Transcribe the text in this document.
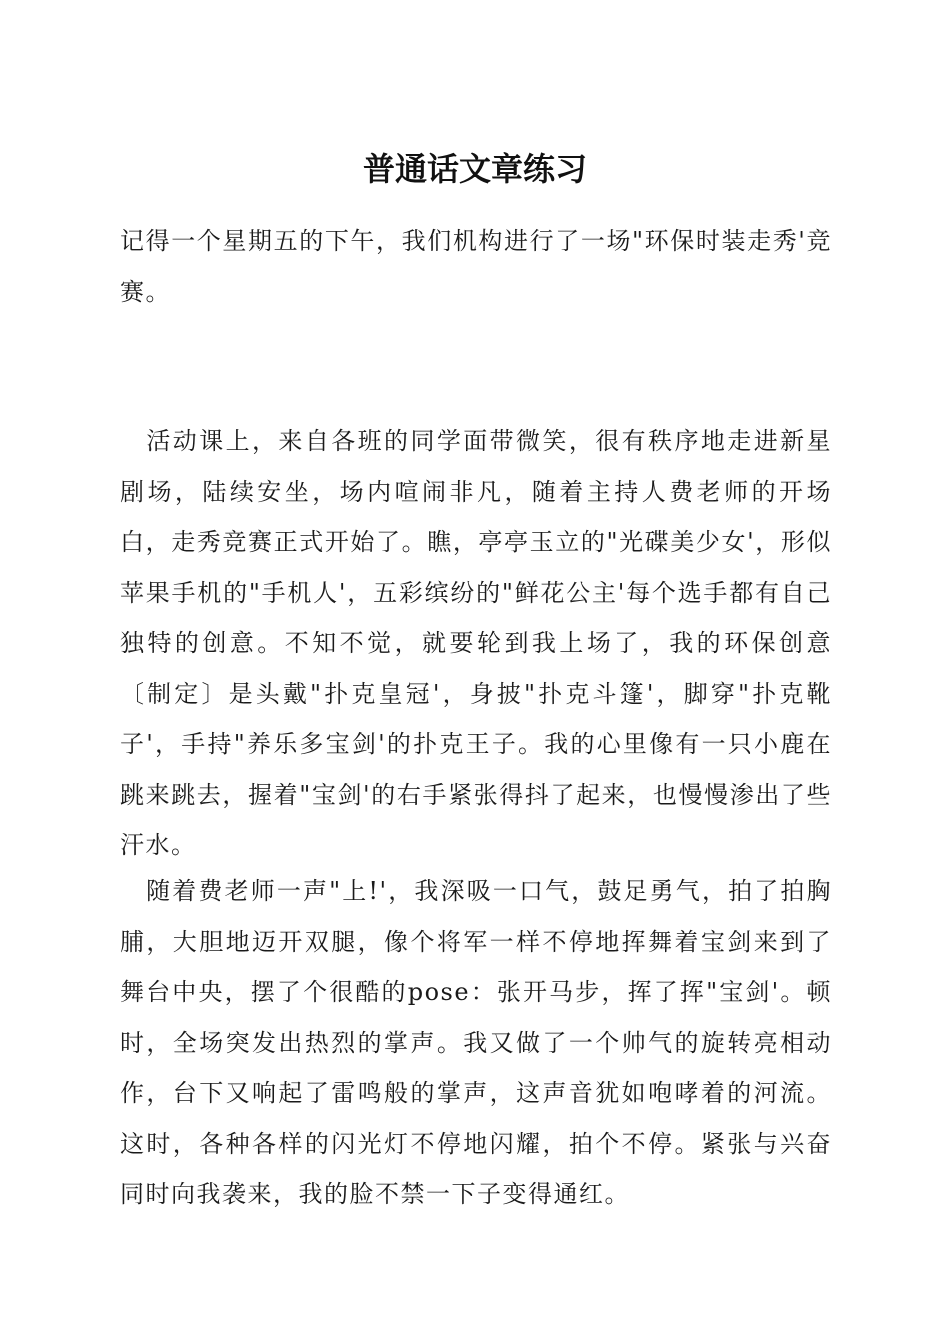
普通话文章练习

记得一个星期五的下午，我们机构进行了一场"环保时装走秀'竞赛。

　活动课上，来自各班的同学面带微笑，很有秩序地走进新星剧场，陆续安坐，场内喧闹非凡，随着主持人费老师的开场白，走秀竞赛正式开始了。瞧，亭亭玉立的"光碟美少女'，形似苹果手机的"手机人'，五彩缤纷的"鲜花公主'每个选手都有自己独特的创意。不知不觉，就要轮到我上场了，我的环保创意〔制定〕是头戴"扑克皇冠'，身披"扑克斗篷'，脚穿"扑克靴子'，手持"养乐多宝剑'的扑克王子。我的心里像有一只小鹿在跳来跳去，握着"宝剑'的右手紧张得抖了起来，也慢慢渗出了些汗水。

　随着费老师一声"上!'，我深吸一口气，鼓足勇气，拍了拍胸脯，大胆地迈开双腿，像个将军一样不停地挥舞着宝剑来到了舞台中央，摆了个很酷的pose：张开马步，挥了挥"宝剑'。顿时，全场突发出热烈的掌声。我又做了一个帅气的旋转亮相动作，台下又响起了雷鸣般的掌声，这声音犹如咆哮着的河流。这时，各种各样的闪光灯不停地闪耀，拍个不停。紧张与兴奋同时向我袭来，我的脸不禁一下子变得通红。
